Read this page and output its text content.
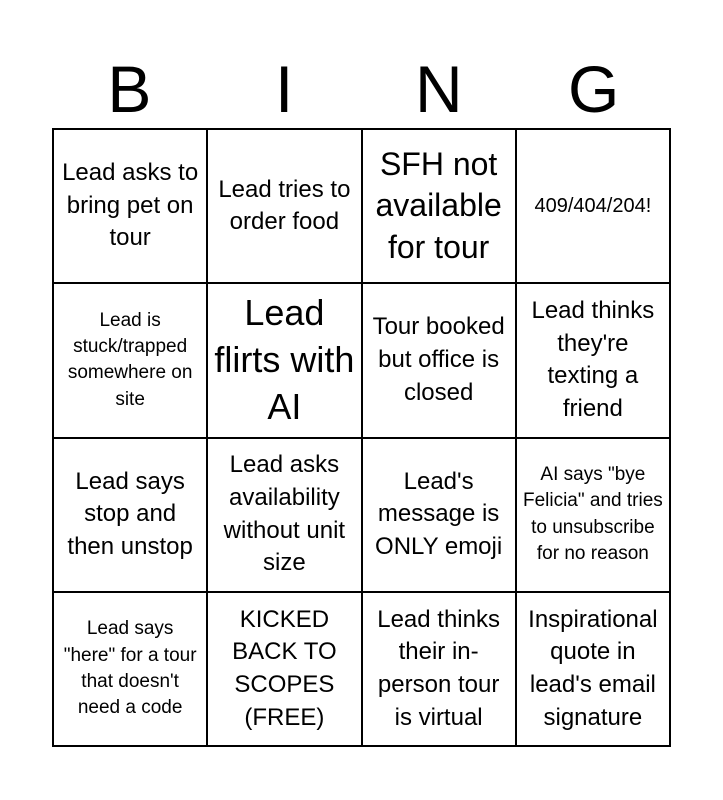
B	I	N	G
Lead asks to bring pet on tour
Lead tries to order food
SFH not available for tour
409/404/204!
Lead is stuck/trapped somewhere on site
Lead flirts with AI
Tour booked but office is closed
Lead thinks they're texting a friend
Lead says stop and then unstop
Lead asks availability without unit size
Lead's message is ONLY emoji
AI says "bye Felicia" and tries to unsubscribe for no reason
Lead says "here" for a tour that doesn't need a code
KICKED BACK TO SCOPES (FREE)
Lead thinks their in-person tour is virtual
Inspirational quote in lead's email signature
